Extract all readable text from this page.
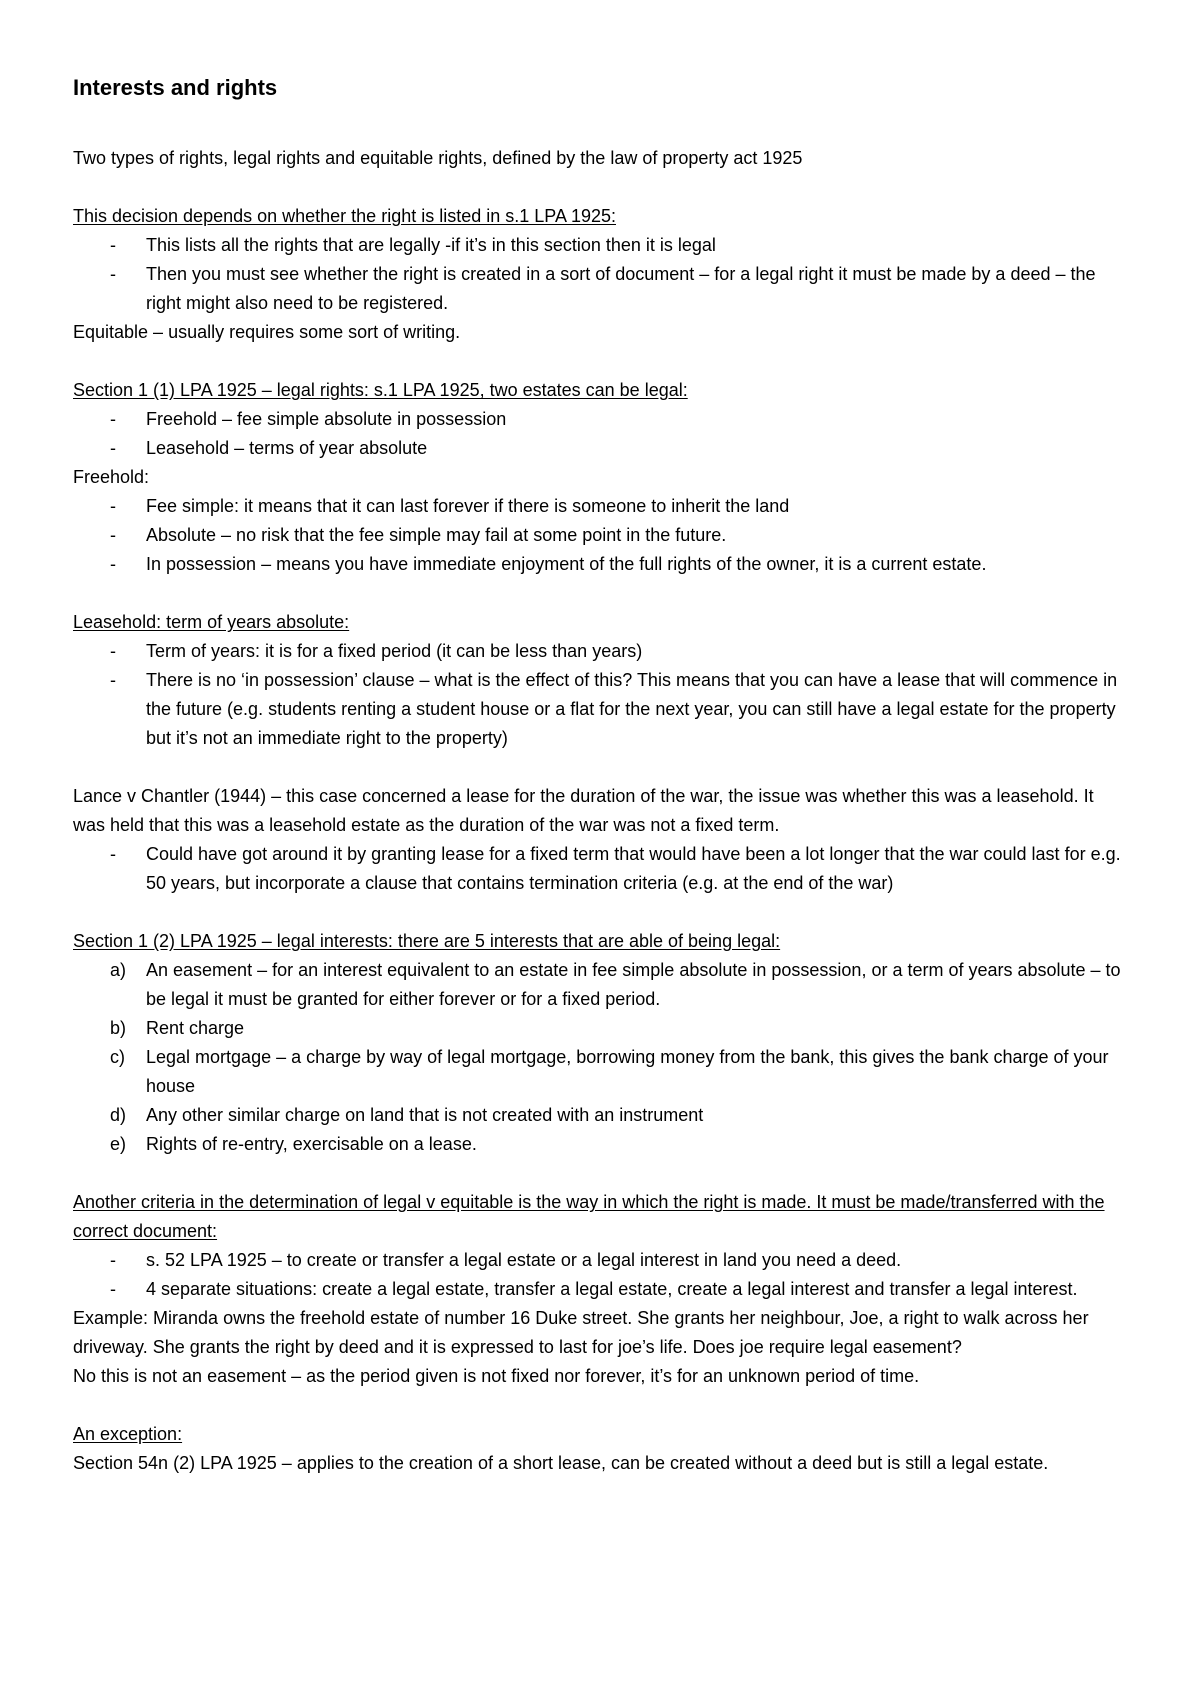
Interests and rights

Two types of rights, legal rights and equitable rights, defined by the law of property act 1925

This decision depends on whether the right is listed in s.1 LPA 1925:

- This lists all the rights that are legally -if it’s in this section then it is legal
- Then you must see whether the right is created in a sort of document – for a legal right it must be made by a deed – the right might also need to be registered.

Equitable – usually requires some sort of writing.

Section 1 (1) LPA 1925 – legal rights: s.1 LPA 1925, two estates can be legal:

- Freehold – fee simple absolute in possession
- Leasehold – terms of year absolute

Freehold:

- Fee simple: it means that it can last forever if there is someone to inherit the land
- Absolute – no risk that the fee simple may fail at some point in the future.
- In possession – means you have immediate enjoyment of the full rights of the owner, it is a current estate.

Leasehold: term of years absolute:

- Term of years: it is for a fixed period (it can be less than years)
- There is no ‘in possession’ clause – what is the effect of this? This means that you can have a lease that will commence in the future (e.g. students renting a student house or a flat for the next year, you can still have a legal estate for the property but it’s not an immediate right to the property)

Lance v Chantler (1944) – this case concerned a lease for the duration of the war, the issue was whether this was a leasehold. It was held that this was a leasehold estate as the duration of the war was not a fixed term.

- Could have got around it by granting lease for a fixed term that would have been a lot longer that the war could last for e.g. 50 years, but incorporate a clause that contains termination criteria (e.g. at the end of the war)

Section 1 (2) LPA 1925 – legal interests: there are 5 interests that are able of being legal:

a) An easement – for an interest equivalent to an estate in fee simple absolute in possession, or a term of years absolute – to be legal it must be granted for either forever or for a fixed period.
b) Rent charge
c) Legal mortgage – a charge by way of legal mortgage, borrowing money from the bank, this gives the bank charge of your house
d) Any other similar charge on land that is not created with an instrument
e) Rights of re-entry, exercisable on a lease.

Another criteria in the determination of legal v equitable is the way in which the right is made. It must be made/transferred with the correct document:

- s. 52 LPA 1925 – to create or transfer a legal estate or a legal interest in land you need a deed.
- 4 separate situations: create a legal estate, transfer a legal estate, create a legal interest and transfer a legal interest.

Example: Miranda owns the freehold estate of number 16 Duke street. She grants her neighbour, Joe, a right to walk across her driveway. She grants the right by deed and it is expressed to last for joe’s life. Does joe require legal easement?

No this is not an easement – as the period given is not fixed nor forever, it’s for an unknown period of time.

An exception:

Section 54n (2) LPA 1925 – applies to the creation of a short lease, can be created without a deed but is still a legal estate.
